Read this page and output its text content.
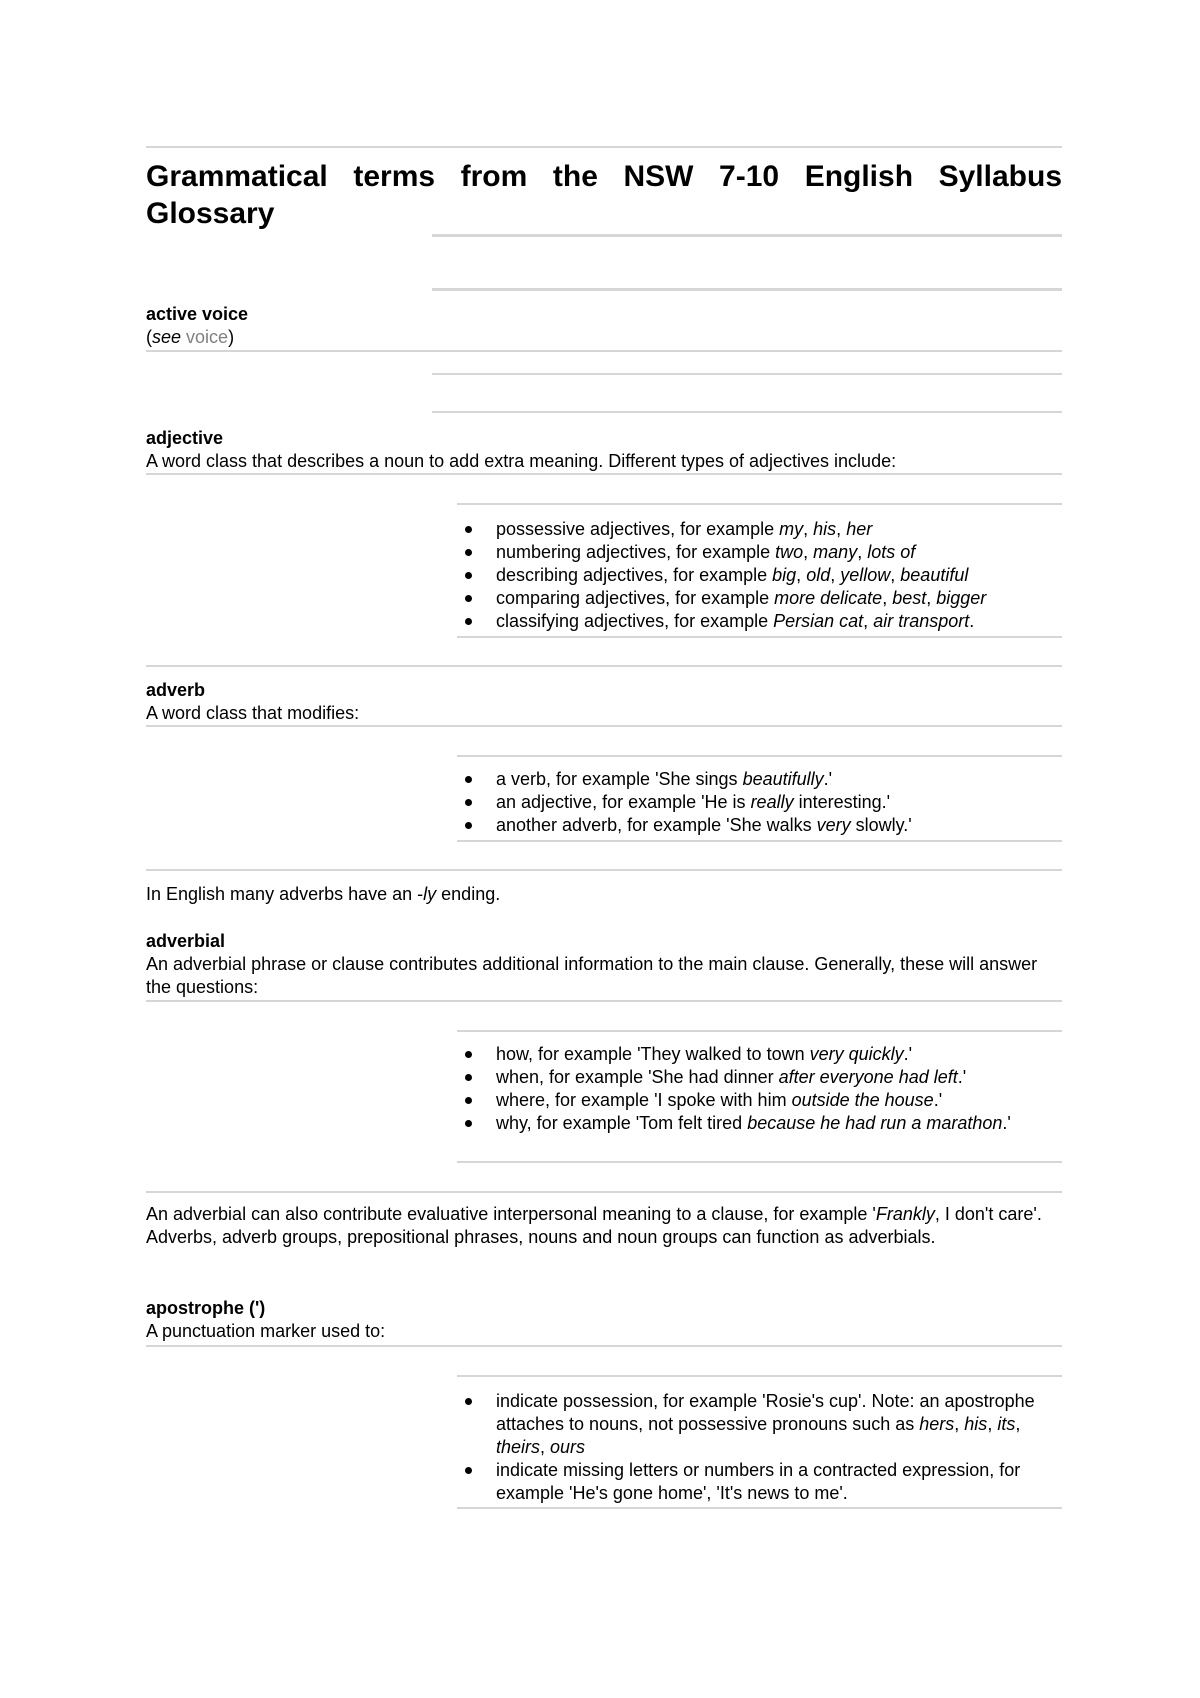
Grammatical terms from the NSW 7-10 English Syllabus Glossary
active voice
(see voice)
adjective
A word class that describes a noun to add extra meaning. Different types of adjectives include:
possessive adjectives, for example my, his, her
numbering adjectives, for example two, many, lots of
describing adjectives, for example big, old, yellow, beautiful
comparing adjectives, for example more delicate, best, bigger
classifying adjectives, for example Persian cat, air transport.
adverb
A word class that modifies:
a verb, for example 'She sings beautifully.'
an adjective, for example 'He is really interesting.'
another adverb, for example 'She walks very slowly.'

In English many adverbs have an -ly ending.

adverbial
An adverbial phrase or clause contributes additional information to the main clause. Generally, these will answer the questions:
how, for example 'They walked to town very quickly.'
when, for example 'She had dinner after everyone had left.'
where, for example 'I spoke with him outside the house.'
why, for example 'Tom felt tired because he had run a marathon.'

An adverbial can also contribute evaluative interpersonal meaning to a clause, for example 'Frankly, I don't care'. Adverbs, adverb groups, prepositional phrases, nouns and noun groups can function as adverbials.

apostrophe (')
A punctuation marker used to:
indicate possession, for example 'Rosie's cup'. Note: an apostrophe attaches to nouns, not possessive pronouns such as hers, his, its, theirs, ours
indicate missing letters or numbers in a contracted expression, for example 'He's gone home', 'It's news to me'.
